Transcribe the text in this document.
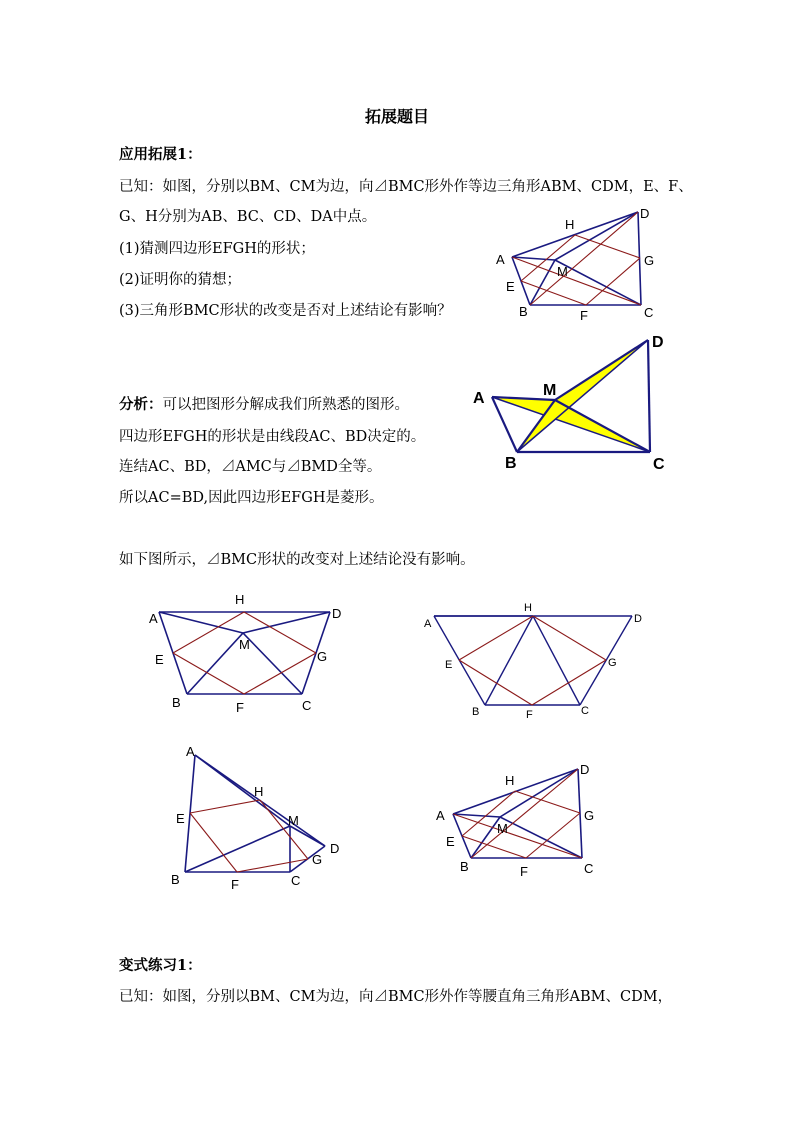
拓展题目
应用拓展1：
已知：如图，分别以BM、CM为边，向⊿BMC形外作等边三角形ABM、CDM，E、F、
G、H分别为AB、BC、CD、DA中点。
(1)猜测四边形EFGH的形状；
(2)证明你的猜想；
(3)三角形BMC形状的改变是否对上述结论有影响？
分析：可以把图形分解成我们所熟悉的图形。
四边形EFGH的形状是由线段AC、BD决定的。
连结AC、BD，⊿AMC与⊿BMD全等。
所以AC=BD,因此四边形EFGH是菱形。
如下图所示，⊿BMC形状的改变对上述结论没有影响。
变式练习1：
已知：如图，分别以BM、CM为边，向⊿BMC形外作等腰直角三角形ABM、CDM，
A
B	C
D
E
F
G
H
M
A
B	C
D
M
A
B	C
D
E
F
G
H
M
A
B	C
D
E
F
G
H
A
B	C
D
E
F
G
H
M	A
B	C
D
E
F
G
H
M
